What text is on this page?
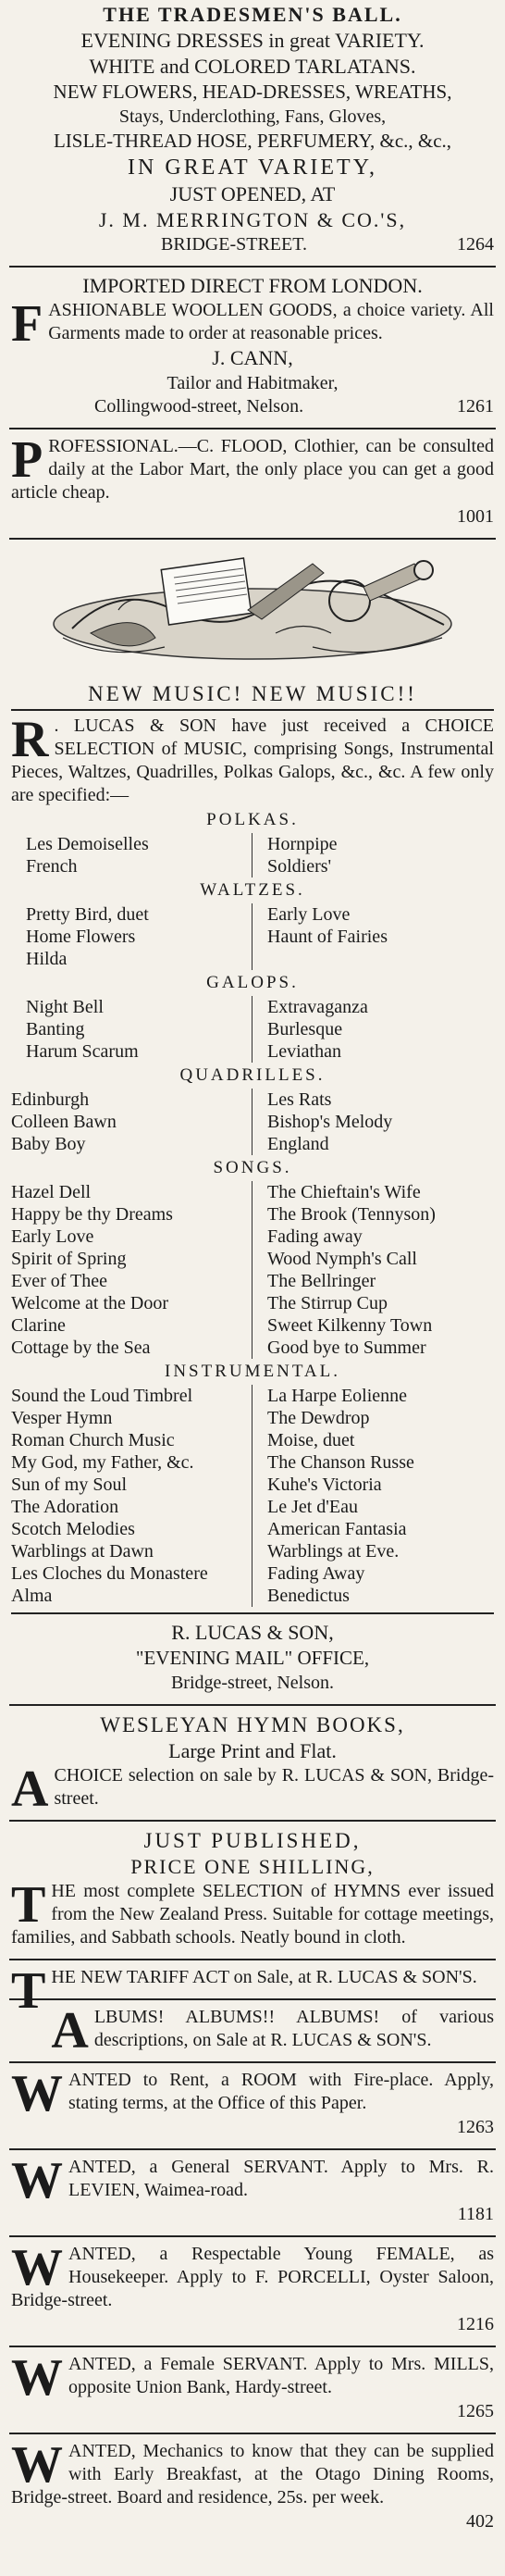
THE TRADESMEN'S BALL.
EVENING DRESSES in great VARIETY.
WHITE and COLORED TARLATANS.
NEW FLOWERS, HEAD-DRESSES, WREATHS,
Stays, Underclothing, Fans, Gloves,
LISLE-THREAD HOSE, PERFUMERY, &c., &c.,
IN GREAT VARIETY,
JUST OPENED, AT
J. M. MERRINGTON & CO.'S,
BRIDGE-STREET.	1264
IMPORTED DIRECT FROM LONDON.
FASHIONABLE WOOLLEN GOODS, a choice variety. All Garments made to order at reasonable prices.
J. CANN,
Tailor and Habitmaker,
Collingwood-street, Nelson.	1261
PROFESSIONAL.—C. FLOOD, Clothier, can be consulted daily at the Labor Mart, the only place you can get a good article cheap.
1001
NEW MUSIC! NEW MUSIC!!
R . LUCAS & SON have just received a CHOICE SELECTION of MUSIC, comprising Songs, Instrumental Pieces, Waltzes, Quadrilles, Polkas Galops, &c., &c. A few only are specified:—
POLKAS.
Les Demoiselles
French
Hornpipe
Soldiers'
WALTZES.
Pretty Bird, duet
Home Flowers
Hilda
Early Love
Haunt of Fairies
GALOPS.
Night Bell
Banting
Harum Scarum
Extravaganza
Burlesque
Leviathan
QUADRILLES.
Edinburgh
Colleen Bawn
Baby Boy
Les Rats
Bishop's Melody
England
SONGS.
Hazel Dell
Happy be thy Dreams
Early Love
Spirit of Spring
Ever of Thee
Welcome at the Door
Clarine
Cottage by the Sea
The Chieftain's Wife
The Brook (Tennyson)
Fading away
Wood Nymph's Call
The Bellringer
The Stirrup Cup
Sweet Kilkenny Town
Good bye to Summer
INSTRUMENTAL.
Sound the Loud Timbrel
Vesper Hymn
Roman Church Music
My God, my Father, &c.
Sun of my Soul
The Adoration
Scotch Melodies
Warblings at Dawn
Les Cloches du Monastere
Alma
La Harpe Eolienne
The Dewdrop
Moise, duet
The Chanson Russe
Kuhe's Victoria
Le Jet d'Eau
American Fantasia
Warblings at Eve.
Fading Away
Benedictus
R. LUCAS & SON,
"EVENING MAIL" OFFICE,
Bridge-street, Nelson.
WESLEYAN HYMN BOOKS,
Large Print and Flat.
ACHOICE selection on sale by R. LUCAS & SON, Bridge-street.
JUST PUBLISHED,
PRICE ONE SHILLING,
THE most complete SELECTION of HYMNS ever issued from the New Zealand Press. Suitable for cottage meetings, families, and Sabbath schools. Neatly bound in cloth.
THE NEW TARIFF ACT on Sale, at R. LUCAS & SON'S.
ALBUMS! ALBUMS!! ALBUMS! of various descriptions, on Sale at R. LUCAS & SON'S.
WANTED to Rent, a ROOM with Fire-place. Apply, stating terms, at the Office of this Paper.
1263
WANTED, a General SERVANT. Apply to Mrs. R. LEVIEN, Waimea-road.
1181
WANTED, a Respectable Young FEMALE, as Housekeeper. Apply to F. PORCELLI, Oyster Saloon, Bridge-street.
1216
WANTED, a Female SERVANT. Apply to Mrs. MILLS, opposite Union Bank, Hardy-street.
1265
WANTED, Mechanics to know that they can be supplied with Early Breakfast, at the Otago Dining Rooms, Bridge-street. Board and residence, 25s. per week.
402
